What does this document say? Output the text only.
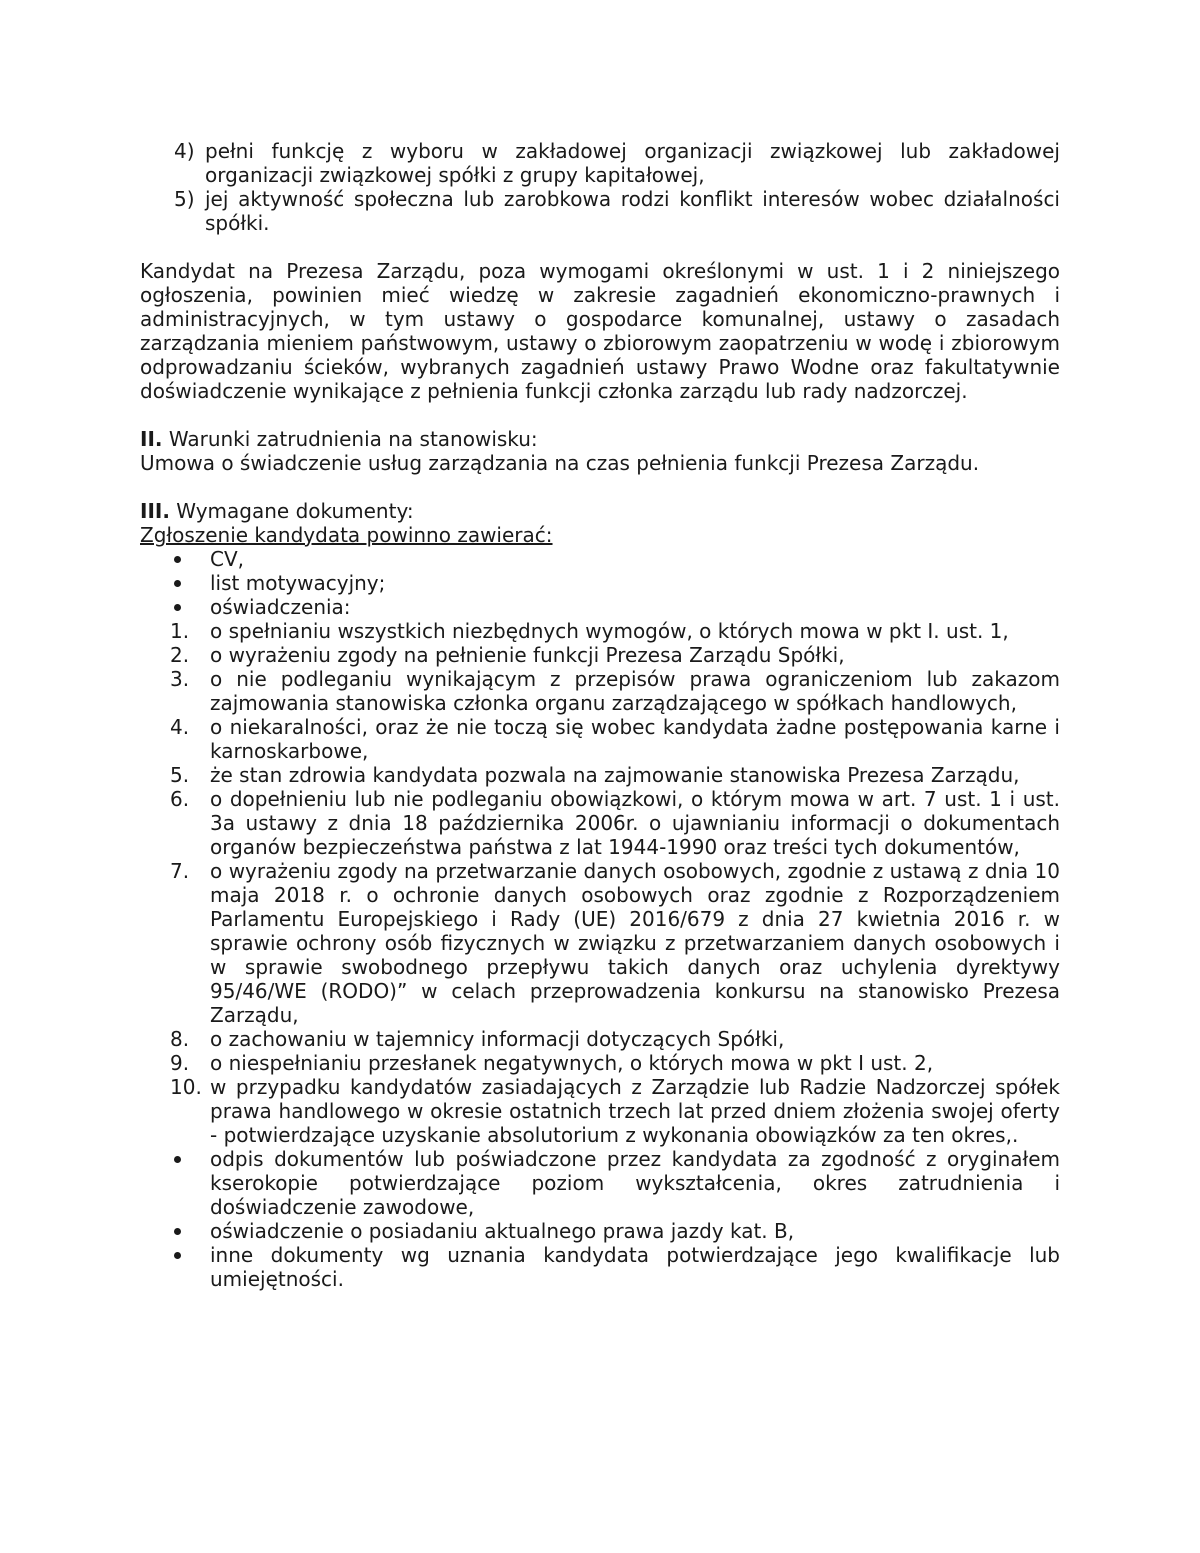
4) pełni funkcję z wyboru w zakładowej organizacji związkowej lub zakładowej organizacji związkowej spółki z grupy kapitałowej,
5) jej aktywność społeczna lub zarobkowa rodzi konflikt interesów wobec działalności spółki.

Kandydat na Prezesa Zarządu, poza wymogami określonymi w ust. 1 i 2 niniejszego ogłoszenia, powinien mieć wiedzę w zakresie zagadnień ekonomiczno-prawnych i administracyjnych, w tym ustawy o gospodarce komunalnej, ustawy o zasadach zarządzania mieniem państwowym, ustawy o zbiorowym zaopatrzeniu w wodę i zbiorowym odprowadzaniu ścieków, wybranych zagadnień ustawy Prawo Wodne oraz fakultatywnie doświadczenie wynikające z pełnienia funkcji członka zarządu lub rady nadzorczej.

II. Warunki zatrudnienia na stanowisku:

Umowa o świadczenie usług zarządzania na czas pełnienia funkcji Prezesa Zarządu.

III. Wymagane dokumenty:

Zgłoszenie kandydata powinno zawierać:

CV,
list motywacyjny;
oświadczenia:
1.	o spełnianiu wszystkich niezbędnych wymogów, o których mowa w pkt I. ust. 1,
2.	o wyrażeniu zgody na pełnienie funkcji Prezesa Zarządu Spółki,
3.	o nie podleganiu wynikającym z przepisów prawa ograniczeniom lub zakazom zajmowania stanowiska członka organu zarządzającego w spółkach handlowych,
4.	o niekaralności, oraz że nie toczą się wobec kandydata żadne postępowania karne i karnoskarbowe,
5.	że stan zdrowia kandydata pozwala na zajmowanie stanowiska Prezesa Zarządu,
6.	o dopełnieniu lub nie podleganiu obowiązkowi, o którym mowa w art. 7 ust. 1 i ust. 3a ustawy z dnia 18 października 2006r. o ujawnianiu informacji o dokumentach organów bezpieczeństwa państwa z lat 1944-1990 oraz treści tych dokumentów,
7.	o wyrażeniu zgody na przetwarzanie danych osobowych, zgodnie z ustawą z dnia 10 maja 2018 r. o ochronie danych osobowych oraz zgodnie z Rozporządzeniem Parlamentu Europejskiego i Rady (UE) 2016/679 z dnia 27 kwietnia 2016 r. w sprawie ochrony osób fizycznych w związku z przetwarzaniem danych osobowych i w sprawie swobodnego przepływu takich danych oraz uchylenia dyrektywy 95/46/WE (RODO)” w celach przeprowadzenia konkursu na stanowisko Prezesa Zarządu,
8.	o zachowaniu w tajemnicy informacji dotyczących Spółki,
9.	o niespełnianiu przesłanek negatywnych, o których mowa w pkt I ust. 2,
10. w przypadku kandydatów zasiadających z Zarządzie lub Radzie Nadzorczej spółek prawa handlowego w okresie ostatnich trzech lat przed dniem złożenia swojej oferty - potwierdzające uzyskanie absolutorium z wykonania obowiązków za ten okres,.
odpis dokumentów lub poświadczone przez kandydata za zgodność z oryginałem kserokopie potwierdzające poziom wykształcenia, okres zatrudnienia i doświadczenie zawodowe,
oświadczenie o posiadaniu aktualnego prawa jazdy kat. B,
inne dokumenty wg uznania kandydata potwierdzające jego kwalifikacje lub umiejętności.
